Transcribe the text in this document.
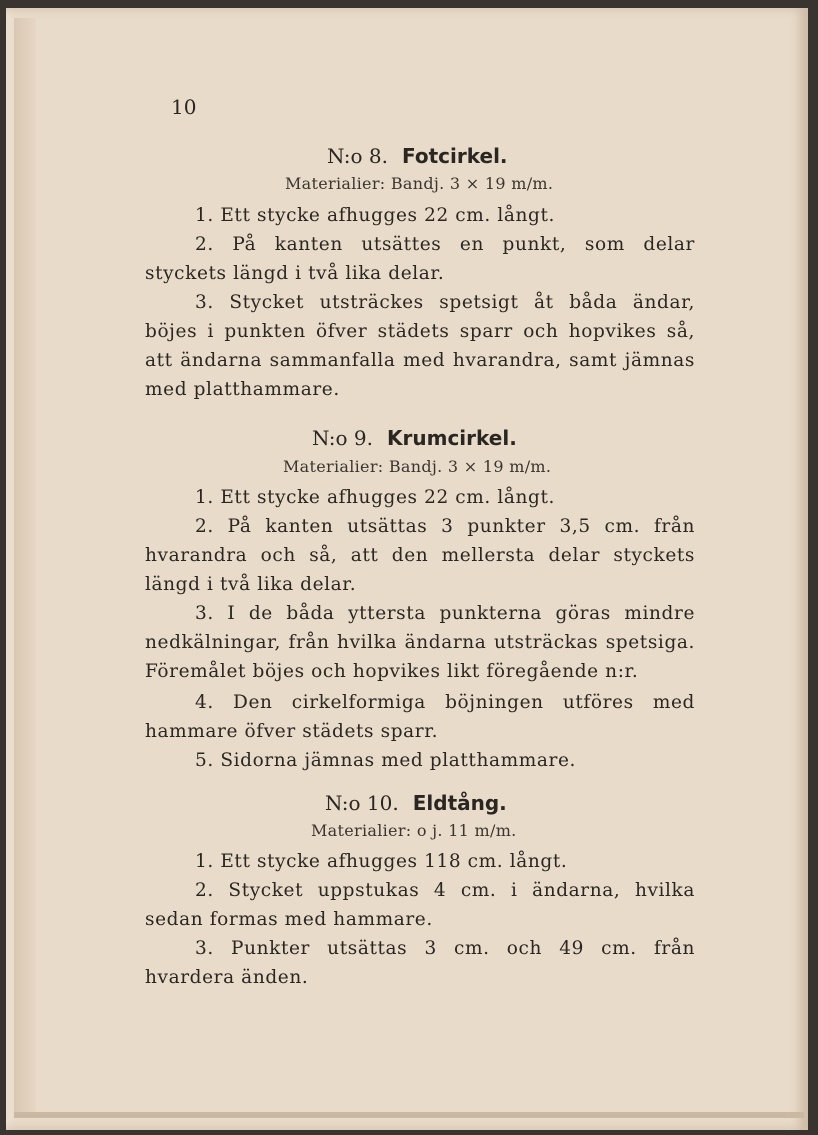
10
N:o 8. Fotcirkel.
Materialier: Bandj. 3 × 19 m/m.
1. Ett stycke afhugges 22 cm. långt.
2. På kanten utsättes en punkt, som delar styckets längd i två lika delar.
3. Stycket utsträckes spetsigt åt båda ändar, böjes i punkten öfver städets sparr och hopvikes så, att ändarna sammanfalla med hvarandra, samt jämnas med platthammare.
N:o 9. Krumcirkel.
Materialier: Bandj. 3 × 19 m/m.
1. Ett stycke afhugges 22 cm. långt.
2. På kanten utsättas 3 punkter 3,5 cm. från hvarandra och så, att den mellersta delar styckets längd i två lika delar.
3. I de båda yttersta punkterna göras mindre nedkälningar, från hvilka ändarna utsträckas spetsiga. Föremålet böjes och hopvikes likt föregående n:r.
4. Den cirkelformiga böjningen utföres med hammare öfver städets sparr.
5. Sidorna jämnas med platthammare.
N:o 10. Eldtång.
Materialier: o j. 11 m/m.
1. Ett stycke afhugges 118 cm. långt.
2. Stycket uppstukas 4 cm. i ändarna, hvilka sedan formas med hammare.
3. Punkter utsättas 3 cm. och 49 cm. från hvardera änden.
